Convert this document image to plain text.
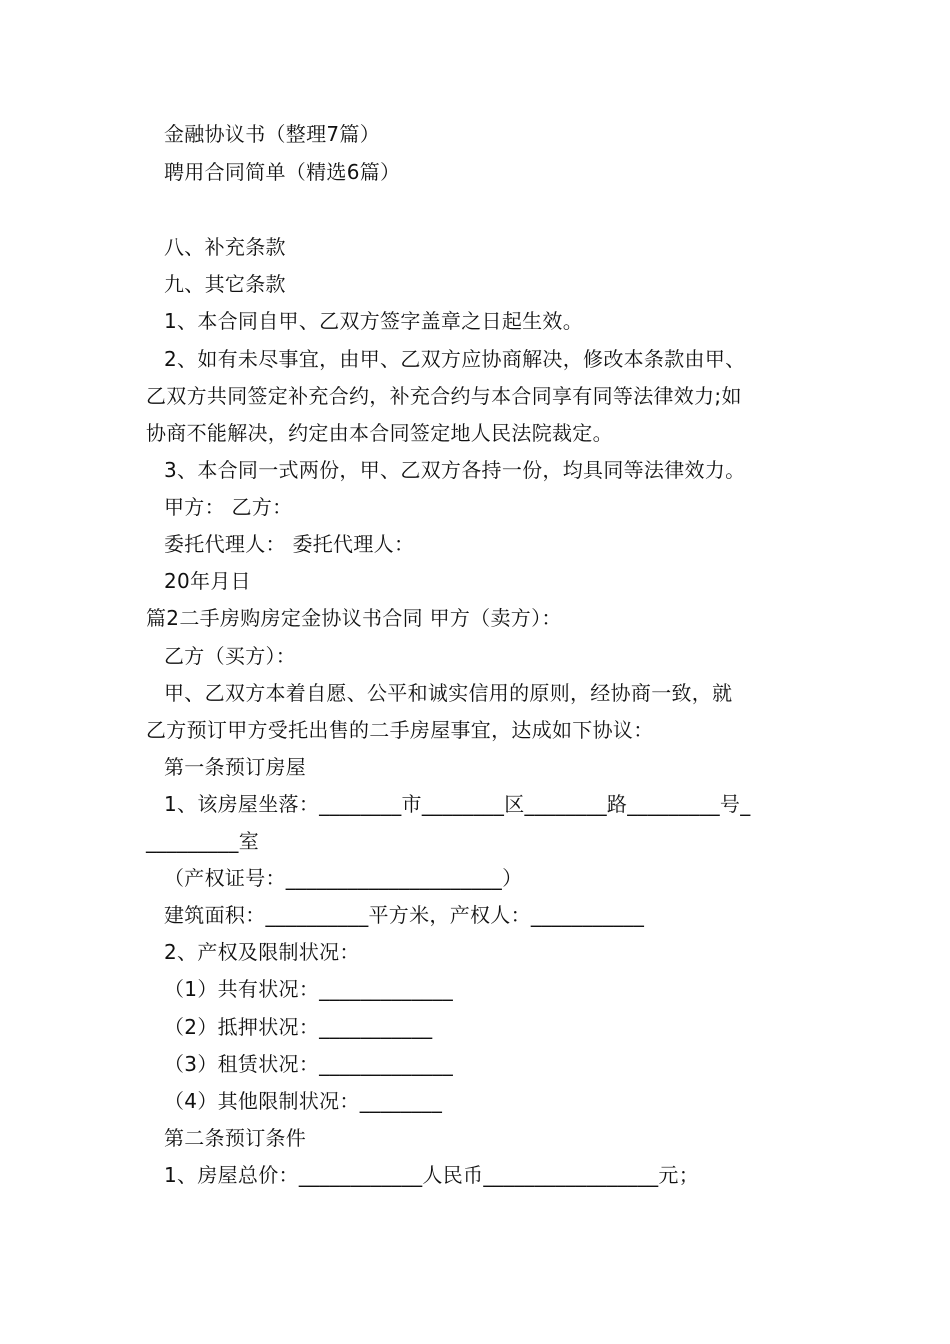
金融协议书（整理7篇）
聘用合同简单（精选6篇）
八、补充条款
九、其它条款
1、本合同自甲、乙双方签字盖章之日起生效。
2、如有未尽事宜，由甲、乙双方应协商解决，修改本条款由甲、
乙双方共同签定补充合约，补充合约与本合同享有同等法律效力;如
协商不能解决，约定由本合同签定地人民法院裁定。
3、本合同一式两份，甲、乙双方各持一份，均具同等法律效力。
甲方： 乙方：
委托代理人： 委托代理人：
20年月日
篇2二手房购房定金协议书合同 甲方（卖方）：
乙方（买方）：
甲、乙双方本着自愿、公平和诚实信用的原则，经协商一致，就
乙方预订甲方受托出售的二手房屋事宜，达成如下协议：
第一条预订房屋
1、该房屋坐落：________市________区________路_________号_
_________室
（产权证号：_____________________）
建筑面积：__________平方米，产权人：___________
2、产权及限制状况：
（1）共有状况：_____________
（2）抵押状况：___________
（3）租赁状况：_____________
（4）其他限制状况：________
第二条预订条件
1、房屋总价：____________人民币_________________元；
